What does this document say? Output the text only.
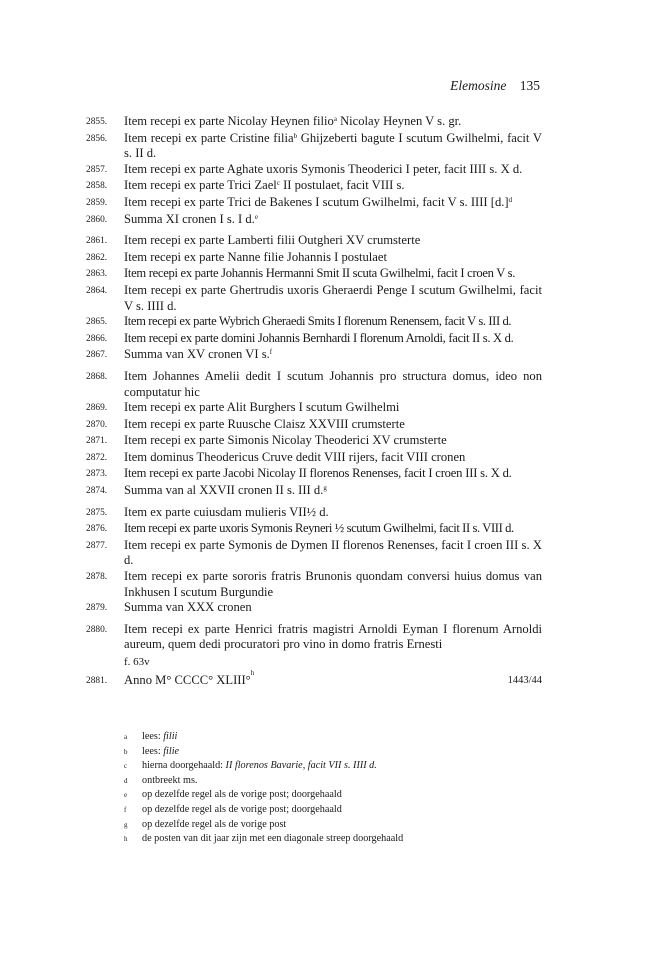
Elemosine 135
2855.	Item recepi ex parte Nicolay Heynen filio$^a$ Nicolay Heynen V s. gr.
2856.	Item recepi ex parte Cristine filia$^b$ Ghijzeberti bagute I scutum Gwilhelmi, facit V s. II d.
2857.	Item recepi ex parte Aghate uxoris Symonis Theoderici I peter, facit IIII s. X d.
2858.	Item recepi ex parte Trici Zael$^c$ II postulaet, facit VIII s.
2859.	Item recepi ex parte Trici de Bakenes I scutum Gwilhelmi, facit V s. IIII $[d.]^d$
2860.	Summa XI cronen I s. I d.$^e$
2861.	Item recepi ex parte Lamberti filii Outgheri XV crumsterte
2862.	Item recepi ex parte Nanne filie Johannis I postulaet
2863.	Item recepi ex parte Johannis Hermanni Smit II scuta Gwilhelmi, facit I croen V s.
2864.	Item recepi ex parte Ghertrudis uxoris Gheraerdi Penge I scutum Gwilhelmi, facit V s. IIII d.
2865.	Item recepi ex parte Wybrich Gheraedi Smits I florenum Renensem, facit V s. III d.
2866.	Item recepi ex parte domini Johannis Bernhardi I florenum Arnoldi, facit II s. X d.
2867.	Summa van XV cronen VI s.$^f$
2868.	Item Johannes Amelii dedit I scutum Johannis pro structura domus, ideo non computatur hic
2869.	Item recepi ex parte Alit Burghers I scutum Gwilhelmi
2870.	Item recepi ex parte Ruusche Claisz XXVIII crumsterte
2871.	Item recepi ex parte Simonis Nicolay Theoderici XV crumsterte
2872.	Item dominus Theodericus Cruve dedit VIII rijers, facit VIII cronen
2873.	Item recepi ex parte Jacobi Nicolay II florenos Renenses, facit I croen III s. X d.
2874.	Summa van al XXVII cronen II s. III d.$^g$
2875.	Item ex parte cuiusdam mulieris VII½ d.
2876.	Item recepi ex parte uxoris Symonis Reyneri ½ scutum Gwilhelmi, facit II s. VIII d.
2877.	Item recepi ex parte Symonis de Dymen II florenos Renenses, facit I croen III s. X d.
2878.	Item recepi ex parte sororis fratris Brunonis quondam conversi huius domus van Inkhusen I scutum Burgundie
2879.	Summa van XXX cronen
2880.	Item recepi ex parte Henrici fratris magistri Arnoldi Eyman I florenum Arnoldi aureum, quem dedi procuratori pro vino in domo fratris Ernesti
f. 63v
2881.	Anno M° CCCC° XLIII° h
1443/44
a	lees: filii
b	lees: filie
c	hierna doorgehaald: II florenos Bavarie, facit VII s. IIII d.
d	ontbreekt ms.
e	op dezelfde regel als de vorige post; doorgehaald
f	op dezelfde regel als de vorige post; doorgehaald
g	op dezelfde regel als de vorige post
h	de posten van dit jaar zijn met een diagonale streep doorgehaald
